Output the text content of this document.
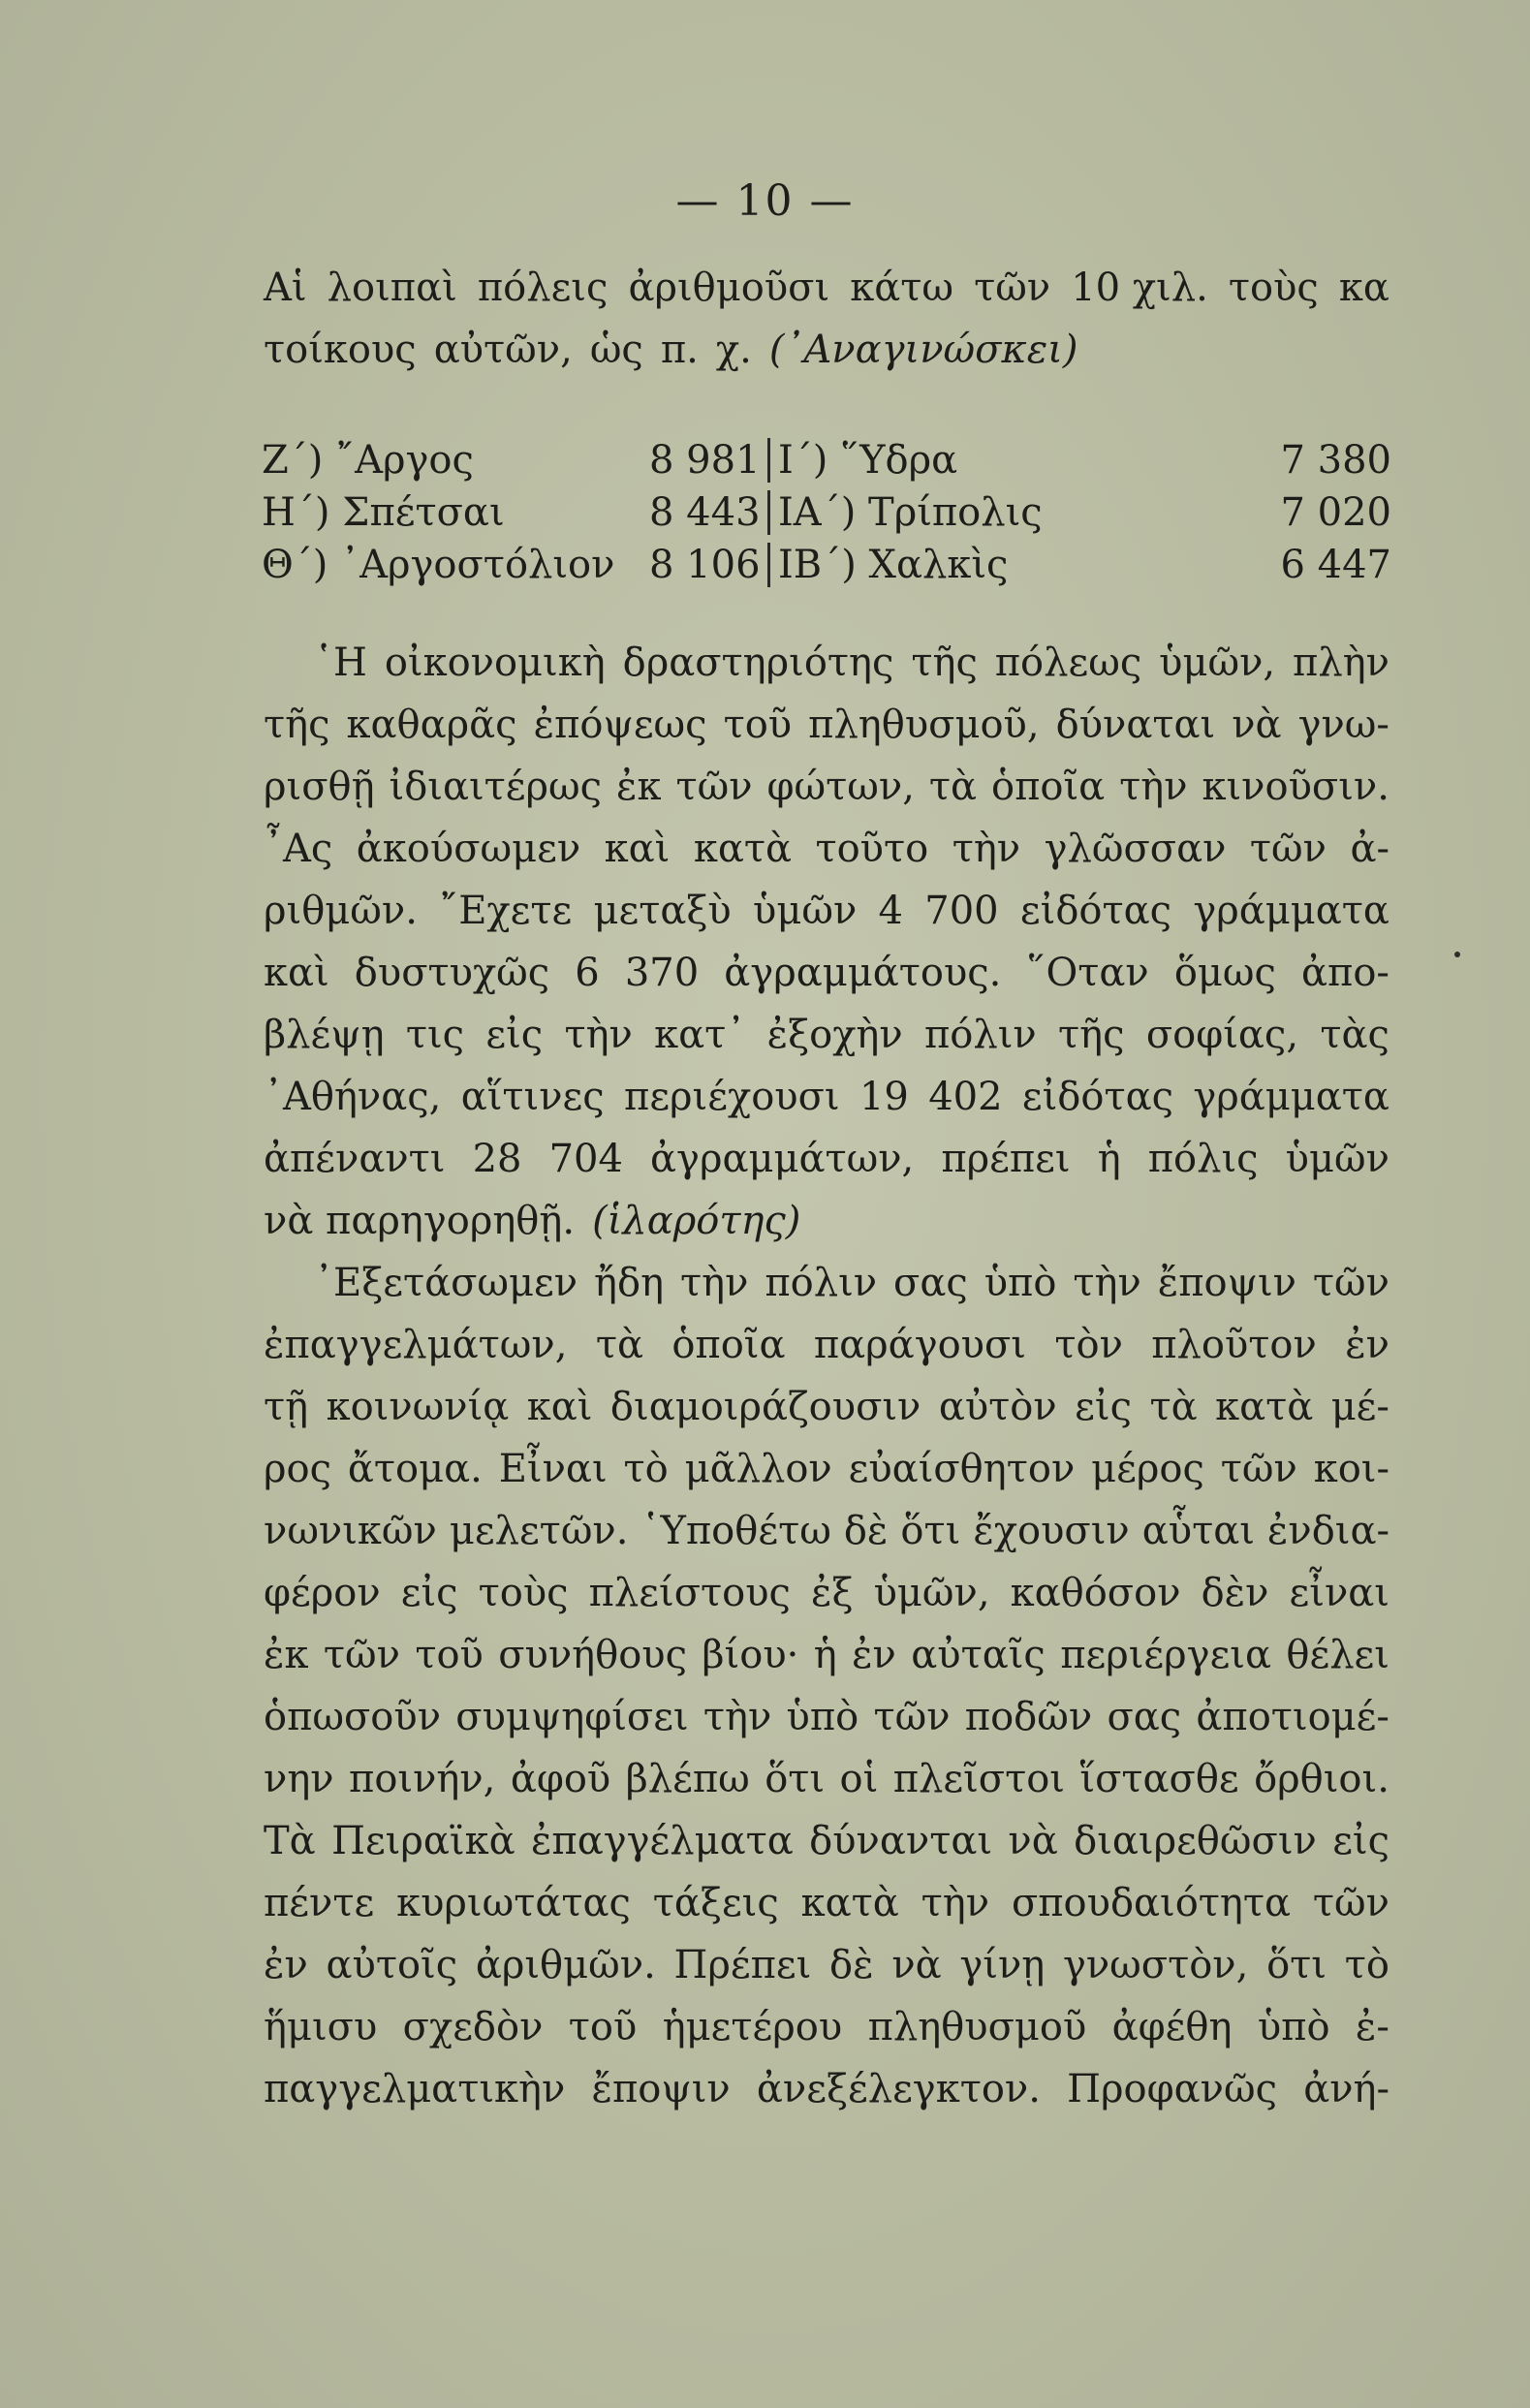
— 10 —
Αἱ λοιπαὶ πόλεις ἀριθμοῦσι κάτω τῶν 10 χιλ. τοὺς κα
τοίκους αὐτῶν, ὡς π. χ. (᾿Αναγινώσκει)
Ζ΄) ῎Αργος	8 981 Ι΄) ῞Υδρα	7 380
Η΄) Σπέτσαι	8 443 ΙΑ΄) Τρίπολις	7 020
Θ΄) ᾿Αργοστόλιον 8 106 ΙΒ΄) Χαλκὶς	6 447
῾Η οἰκονομικὴ δραστηριότης τῆς πόλεως ὑμῶν, πλὴν
τῆς καθαρᾶς ἐπόψεως τοῦ πληθυσμοῦ, δύναται νὰ γνω-
ρισθῇ ἰδιαιτέρως ἐκ τῶν φώτων, τὰ ὁποῖα τὴν κινοῦσιν.
῏Ας ἀκούσωμεν καὶ κατὰ τοῦτο τὴν γλῶσσαν τῶν ἀ-
ριθμῶν. ῎Εχετε μεταξὺ ὑμῶν 4 700 εἰδότας γράμματα
καὶ δυστυχῶς 6 370 ἀγραμμάτους. ῞Οταν ὅμως ἀπο-
βλέψῃ τις εἰς τὴν κατ᾿ ἐξοχὴν πόλιν τῆς σοφίας, τὰς
᾿Αθήνας, αἵτινες περιέχουσι 19 402 εἰδότας γράμματα
ἀπέναντι 28 704 ἀγραμμάτων, πρέπει ἡ πόλις ὑμῶν
νὰ παρηγορηθῇ. (ἱλαρότης)
᾿Εξετάσωμεν ἤδη τὴν πόλιν σας ὑπὸ τὴν ἔποψιν τῶν
ἐπαγγελμάτων, τὰ ὁποῖα παράγουσι τὸν πλοῦτον ἐν
τῇ κοινωνίᾳ καὶ διαμοιράζουσιν αὐτὸν εἰς τὰ κατὰ μέ-
ρος ἄτομα. Εἶναι τὸ μᾶλλον εὐαίσθητον μέρος τῶν κοι-
νωνικῶν μελετῶν. ῾Υποθέτω δὲ ὅτι ἔχουσιν αὗται ἐνδια-
φέρον εἰς τοὺς πλείστους ἐξ ὑμῶν, καθόσον δὲν εἶναι
ἐκ τῶν τοῦ συνήθους βίου· ἡ ἐν αὐταῖς περιέργεια θέλει
ὁπωσοῦν συμψηφίσει τὴν ὑπὸ τῶν ποδῶν σας ἀποτιομέ-
νην ποινήν, ἀφοῦ βλέπω ὅτι οἱ πλεῖστοι ἵστασθε ὄρθιοι.
Τὰ Πειραϊκὰ ἐπαγγέλματα δύνανται νὰ διαιρεθῶσιν εἰς
πέντε κυριωτάτας τάξεις κατὰ τὴν σπουδαιότητα τῶν
ἐν αὐτοῖς ἀριθμῶν. Πρέπει δὲ νὰ γίνῃ γνωστὸν, ὅτι τὸ
ἥμισυ σχεδὸν τοῦ ἡμετέρου πληθυσμοῦ ἀφέθη ὑπὸ ἐ-
παγγελματικὴν ἔποψιν ἀνεξέλεγκτον. Προφανῶς ἀνή-
